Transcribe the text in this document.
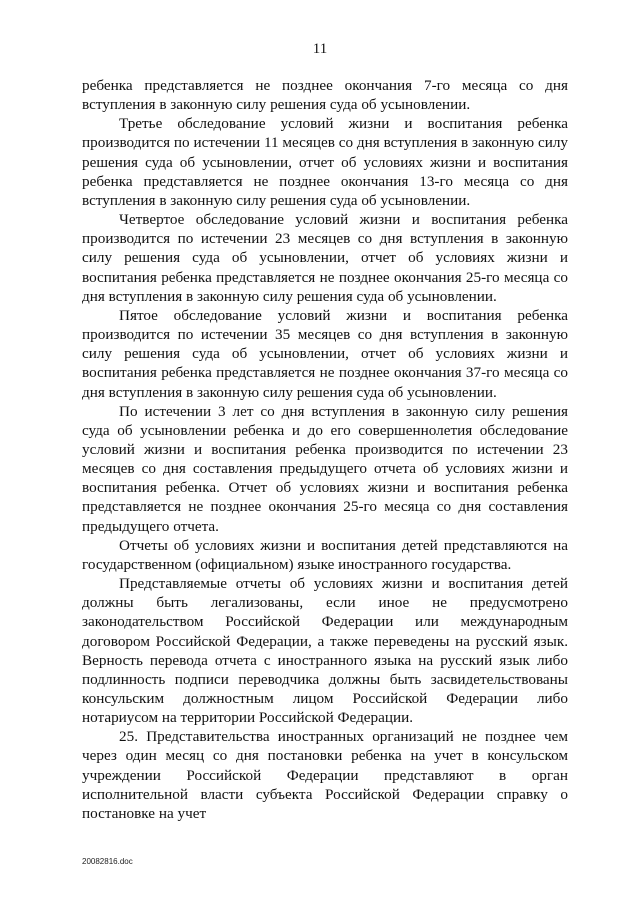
11

ребенка представляется не позднее окончания 7-го месяца со дня вступления в законную силу решения суда об усыновлении.

Третье обследование условий жизни и воспитания ребенка производится по истечении 11 месяцев со дня вступления в законную силу решения суда об усыновлении, отчет об условиях жизни и воспитания ребенка представляется не позднее окончания 13-го месяца со дня вступления в законную силу решения суда об усыновлении.

Четвертое обследование условий жизни и воспитания ребенка производится по истечении 23 месяцев со дня вступления в законную силу решения суда об усыновлении, отчет об условиях жизни и воспитания ребенка представляется не позднее окончания 25-го месяца со дня вступления в законную силу решения суда об усыновлении.

Пятое обследование условий жизни и воспитания ребенка производится по истечении 35 месяцев со дня вступления в законную силу решения суда об усыновлении, отчет об условиях жизни и воспитания ребенка представляется не позднее окончания 37-го месяца со дня вступления в законную силу решения суда об усыновлении.

По истечении 3 лет со дня вступления в законную силу решения суда об усыновлении ребенка и до его совершеннолетия обследование условий жизни и воспитания ребенка производится по истечении 23 месяцев со дня составления предыдущего отчета об условиях жизни и воспитания ребенка. Отчет об условиях жизни и воспитания ребенка представляется не позднее окончания 25-го месяца со дня составления предыдущего отчета.

Отчеты об условиях жизни и воспитания детей представляются на государственном (официальном) языке иностранного государства.

Представляемые отчеты об условиях жизни и воспитания детей должны быть легализованы, если иное не предусмотрено законодательством Российской Федерации или международным договором Российской Федерации, а также переведены на русский язык. Верность перевода отчета с иностранного языка на русский язык либо подлинность подписи переводчика должны быть засвидетельствованы консульским должностным лицом Российской Федерации либо нотариусом на территории Российской Федерации.

25. Представительства иностранных организаций не позднее чем через один месяц со дня постановки ребенка на учет в консульском учреждении Российской Федерации представляют в орган исполнительной власти субъекта Российской Федерации справку о постановке на учет

20082816.doc
